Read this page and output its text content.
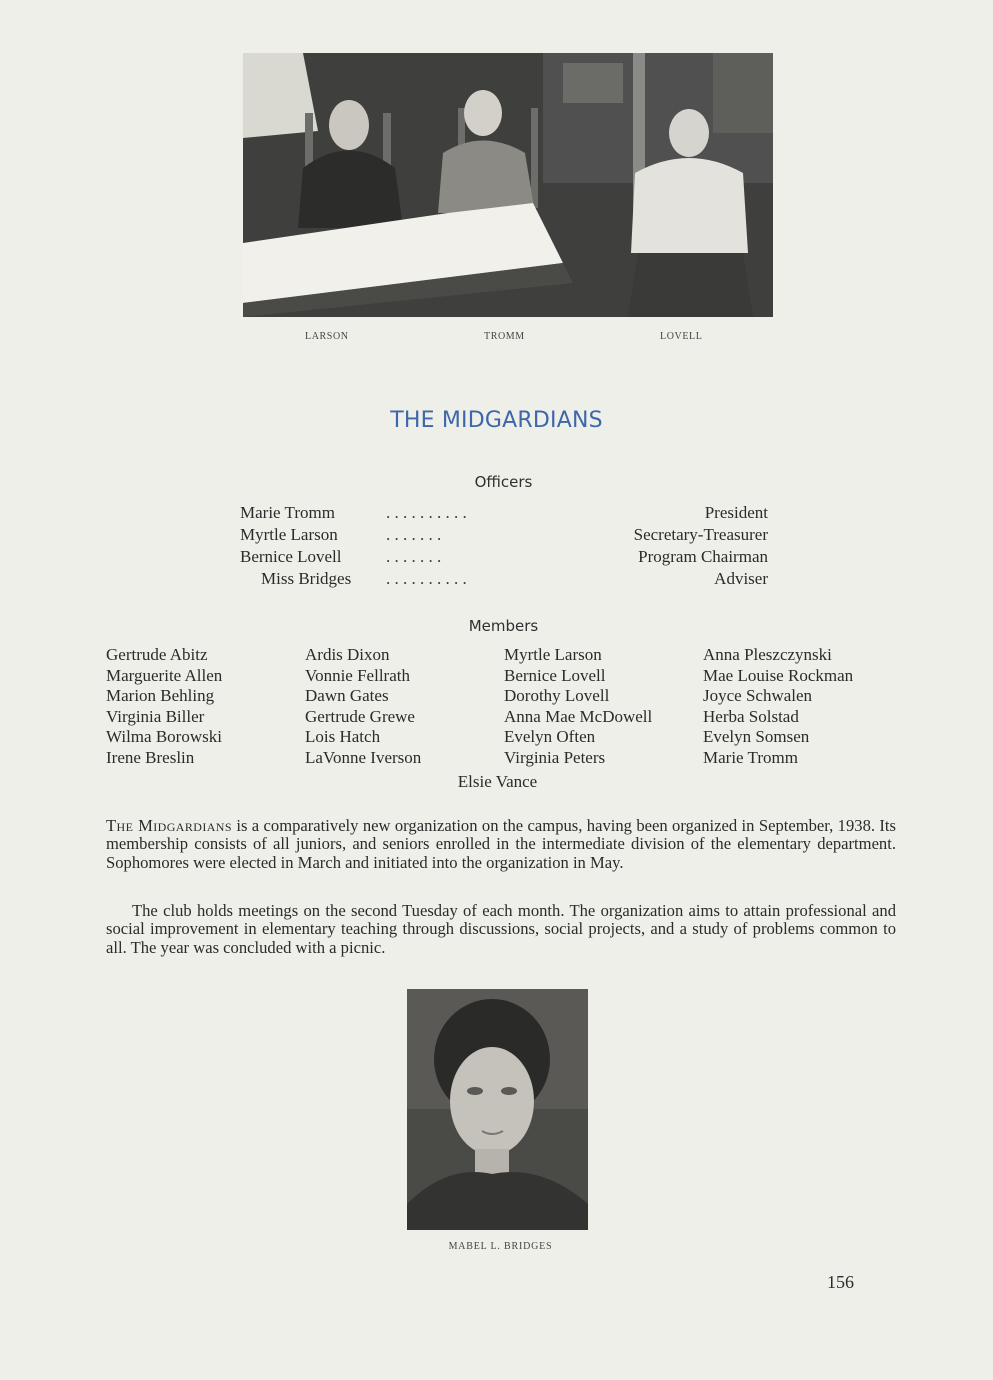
LARSON	TROMM	LOVELL
THE MIDGARDIANS
Officers
Marie Tromm	. . . . . . . . . .	President
Myrtle Larson	. . . . . . .	Secretary-Treasurer
Bernice Lovell	. . . . . . .	Program Chairman
Miss Bridges . . . . . . . . . .	Adviser
Members
Gertrude Abitz
Marguerite Allen
Marion Behling
Virginia Biller
Wilma Borowski
Irene Breslin
Ardis Dixon
Vonnie Fellrath
Dawn Gates
Gertrude Grewe
Lois Hatch
LaVonne Iverson
Myrtle Larson
Bernice Lovell
Dorothy Lovell
Anna Mae McDowell
Evelyn Often
Virginia Peters
Anna Pleszczynski
Mae Louise Rockman
Joyce Schwalen
Herba Solstad
Evelyn Somsen
Marie Tromm
Elsie Vance
The Midgardians is a comparatively new organization on the campus, having been organized in September, 1938. Its membership consists of all juniors, and seniors enrolled in the intermediate division of the elementary department. Sophomores were elected in March and initiated into the organization in May.
The club holds meetings on the second Tuesday of each month. The organization aims to attain professional and social improvement in elementary teaching through discussions, social projects, and a study of problems common to all. The year was concluded with a picnic.
MABEL L. BRIDGES
156
